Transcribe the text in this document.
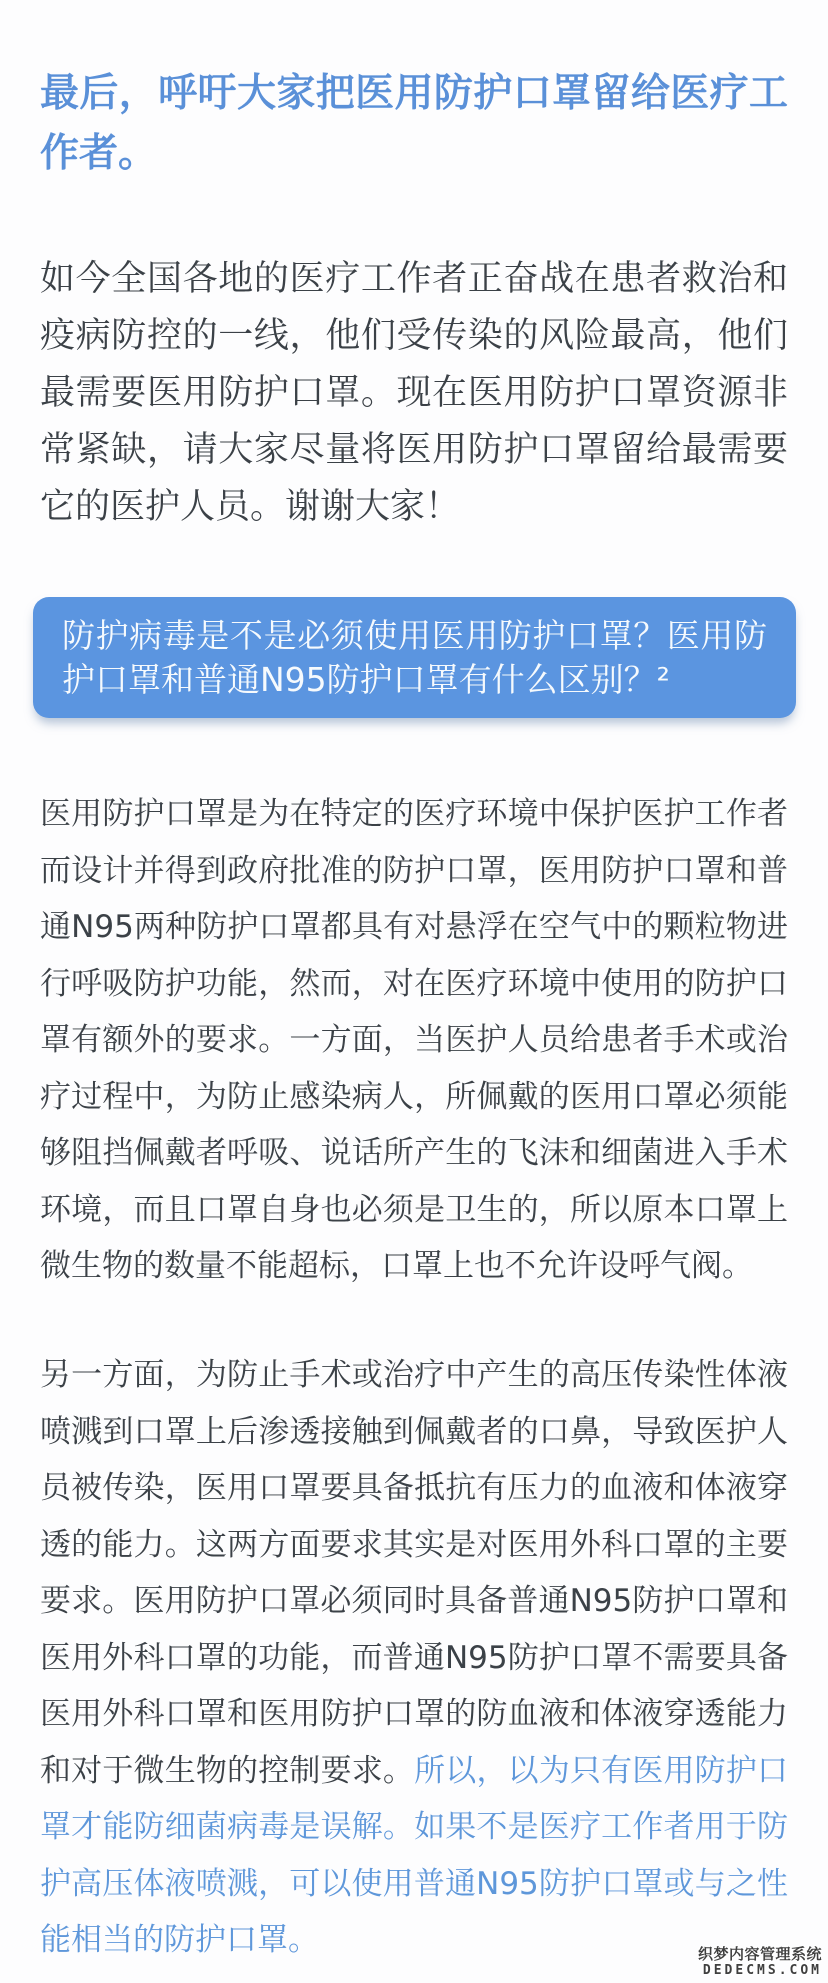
最后，呼吁大家把医用防护口罩留给医疗工
作者。
如今全国各地的医疗工作者正奋战在患者救治和
疫病防控的一线，他们受传染的风险最高，他们
最需要医用防护口罩。现在医用防护口罩资源非
常紧缺，请大家尽量将医用防护口罩留给最需要
它的医护人员。谢谢大家！
防护病毒是不是必须使用医用防护口罩？医用防
护口罩和普通N95防护口罩有什么区别？²
医用防护口罩是为在特定的医疗环境中保护医护工作者
而设计并得到政府批准的防护口罩，医用防护口罩和普
通N95两种防护口罩都具有对悬浮在空气中的颗粒物进
行呼吸防护功能，然而，对在医疗环境中使用的防护口
罩有额外的要求。一方面，当医护人员给患者手术或治
疗过程中，为防止感染病人，所佩戴的医用口罩必须能
够阻挡佩戴者呼吸、说话所产生的飞沫和细菌进入手术
环境，而且口罩自身也必须是卫生的，所以原本口罩上
微生物的数量不能超标，口罩上也不允许设呼气阀。
另一方面，为防止手术或治疗中产生的高压传染性体液
喷溅到口罩上后渗透接触到佩戴者的口鼻，导致医护人
员被传染，医用口罩要具备抵抗有压力的血液和体液穿
透的能力。这两方面要求其实是对医用外科口罩的主要
要求。医用防护口罩必须同时具备普通N95防护口罩和
医用外科口罩的功能，而普通N95防护口罩不需要具备
医用外科口罩和医用防护口罩的防血液和体液穿透能力
和对于微生物的控制要求。所以，以为只有医用防护口
罩才能防细菌病毒是误解。如果不是医疗工作者用于防
护高压体液喷溅，可以使用普通N95防护口罩或与之性
能相当的防护口罩。	织梦内容管理系统
DEDECMS.COM
